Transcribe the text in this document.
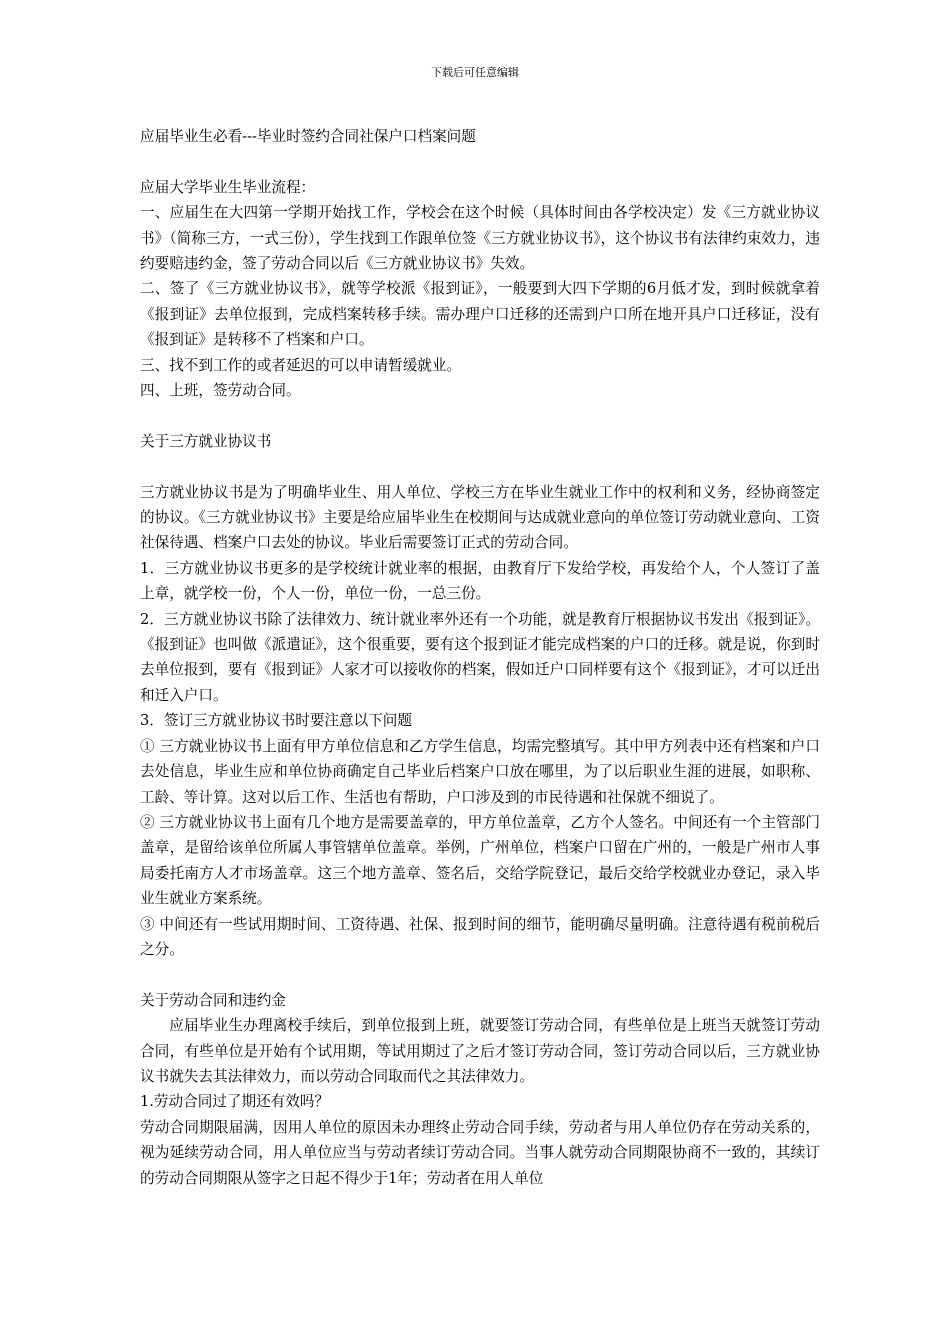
下载后可任意编辑

应届毕业生必看---毕业时签约合同社保户口档案问题

应届大学毕业生毕业流程：

一、应届生在大四第一学期开始找工作，学校会在这个时候（具体时间由各学校决定）发《三方就业协议书》（简称三方，一式三份），学生找到工作跟单位签《三方就业协议书》，这个协议书有法律约束效力，违约要赔违约金，签了劳动合同以后《三方就业协议书》失效。

二、签了《三方就业协议书》，就等学校派《报到证》，一般要到大四下学期的6月低才发，到时候就拿着《报到证》去单位报到，完成档案转移手续。需办理户口迁移的还需到户口所在地开具户口迁移证，没有《报到证》是转移不了档案和户口。

三、找不到工作的或者延迟的可以申请暂缓就业。

四、上班，签劳动合同。

关于三方就业协议书

三方就业协议书是为了明确毕业生、用人单位、学校三方在毕业生就业工作中的权利和义务，经协商签定的协议。《三方就业协议书》主要是给应届毕业生在校期间与达成就业意向的单位签订劳动就业意向、工资社保待遇、档案户口去处的协议。毕业后需要签订正式的劳动合同。

1．三方就业协议书更多的是学校统计就业率的根据，由教育厅下发给学校，再发给个人，个人签订了盖上章，就学校一份，个人一份，单位一份，一总三份。

2．三方就业协议书除了法律效力、统计就业率外还有一个功能，就是教育厅根据协议书发出《报到证》。《报到证》也叫做《派遣证》，这个很重要，要有这个报到证才能完成档案的户口的迁移。就是说，你到时去单位报到，要有《报到证》人家才可以接收你的档案，假如迁户口同样要有这个《报到证》，才可以迁出和迁入户口。

3．签订三方就业协议书时要注意以下问题

① 三方就业协议书上面有甲方单位信息和乙方学生信息，均需完整填写。其中甲方列表中还有档案和户口去处信息，毕业生应和单位协商确定自己毕业后档案户口放在哪里，为了以后职业生涯的进展，如职称、工龄、等计算。这对以后工作、生活也有帮助，户口涉及到的市民待遇和社保就不细说了。

② 三方就业协议书上面有几个地方是需要盖章的，甲方单位盖章，乙方个人签名。中间还有一个主管部门盖章，是留给该单位所属人事管辖单位盖章。举例，广州单位，档案户口留在广州的，一般是广州市人事局委托南方人才市场盖章。这三个地方盖章、签名后，交给学院登记，最后交给学校就业办登记，录入毕业生就业方案系统。

③ 中间还有一些试用期时间、工资待遇、社保、报到时间的细节，能明确尽量明确。注意待遇有税前税后之分。

关于劳动合同和违约金

应届毕业生办理离校手续后，到单位报到上班，就要签订劳动合同，有些单位是上班当天就签订劳动合同，有些单位是开始有个试用期，等试用期过了之后才签订劳动合同，签订劳动合同以后，三方就业协议书就失去其法律效力，而以劳动合同取而代之其法律效力。

1.劳动合同过了期还有效吗？

劳动合同期限届满，因用人单位的原因未办理终止劳动合同手续，劳动者与用人单位仍存在劳动关系的，视为延续劳动合同，用人单位应当与劳动者续订劳动合同。当事人就劳动合同期限协商不一致的，其续订的劳动合同期限从签字之日起不得少于1年；劳动者在用人单位
